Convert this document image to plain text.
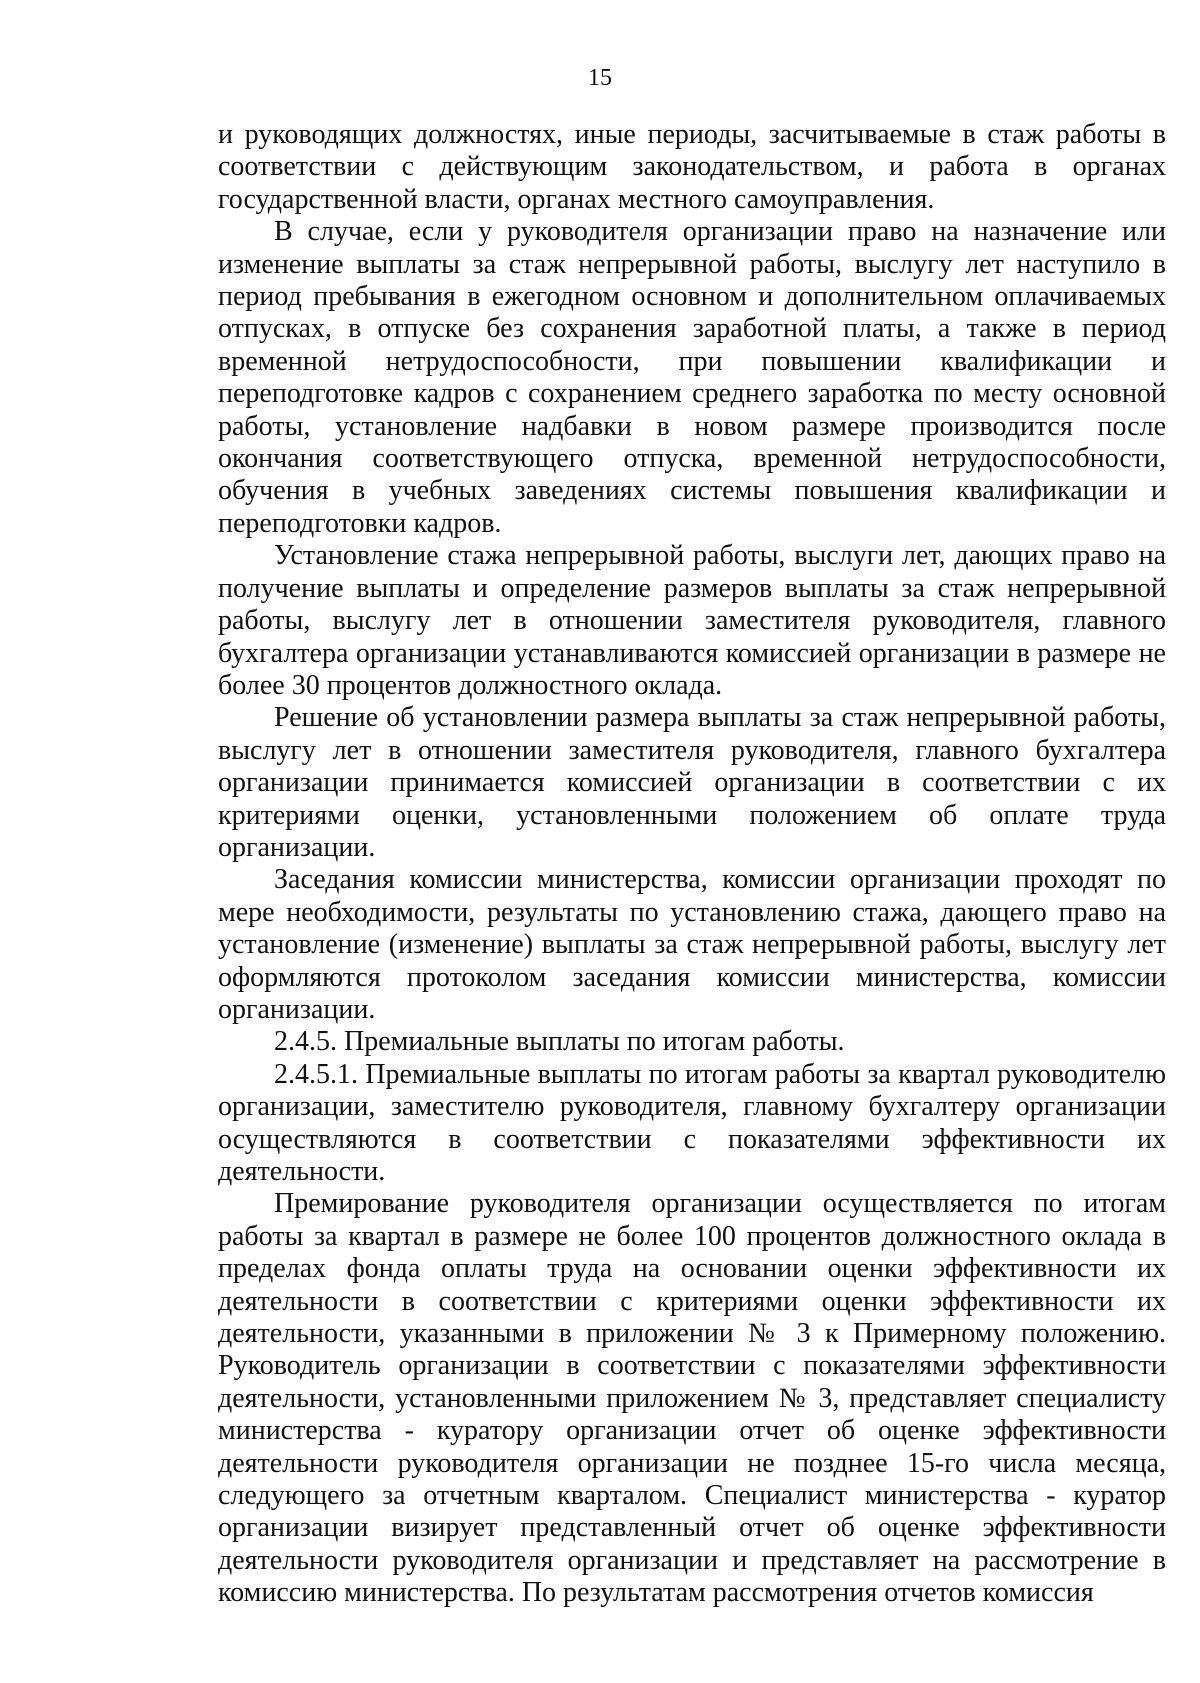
15

и руководящих должностях, иные периоды, засчитываемые в стаж работы в соответствии с действующим законодательством, и работа в органах государственной власти, органах местного самоуправления.

В случае, если у руководителя организации право на назначение или изменение выплаты за стаж непрерывной работы, выслугу лет наступило в период пребывания в ежегодном основном и дополнительном оплачиваемых отпусках, в отпуске без сохранения заработной платы, а также в период временной нетрудоспособности, при повышении квалификации и переподготовке кадров с сохранением среднего заработка по месту основной работы, установление надбавки в новом размере производится после окончания соответствующего отпуска, временной нетрудоспособности, обучения в учебных заведениях системы повышения квалификации и переподготовки кадров.

Установление стажа непрерывной работы, выслуги лет, дающих право на получение выплаты и определение размеров выплаты за стаж непрерывной работы, выслугу лет в отношении заместителя руководителя, главного бухгалтера организации устанавливаются комиссией организации в размере не более 30 процентов должностного оклада.

Решение об установлении размера выплаты за стаж непрерывной работы, выслугу лет в отношении заместителя руководителя, главного бухгалтера организации принимается комиссией организации в соответствии с их критериями оценки, установленными положением об оплате труда организации.

Заседания комиссии министерства, комиссии организации проходят по мере необходимости, результаты по установлению стажа, дающего право на установление (изменение) выплаты за стаж непрерывной работы, выслугу лет оформляются протоколом заседания комиссии министерства, комиссии организации.

2.4.5. Премиальные выплаты по итогам работы.

2.4.5.1. Премиальные выплаты по итогам работы за квартал руководителю организации, заместителю руководителя, главному бухгалтеру организации осуществляются в соответствии с показателями эффективности их деятельности.

Премирование руководителя организации осуществляется по итогам работы за квартал в размере не более 100 процентов должностного оклада в пределах фонда оплаты труда на основании оценки эффективности их деятельности в соответствии с критериями оценки эффективности их деятельности, указанными в приложении № 3 к Примерному положению. Руководитель организации в соответствии с показателями эффективности деятельности, установленными приложением № 3, представляет специалисту министерства - куратору организации отчет об оценке эффективности деятельности руководителя организации не позднее 15-го числа месяца, следующего за отчетным кварталом. Специалист министерства - куратор организации визирует представленный отчет об оценке эффективности деятельности руководителя организации и представляет на рассмотрение в комиссию министерства. По результатам рассмотрения отчетов комиссия
